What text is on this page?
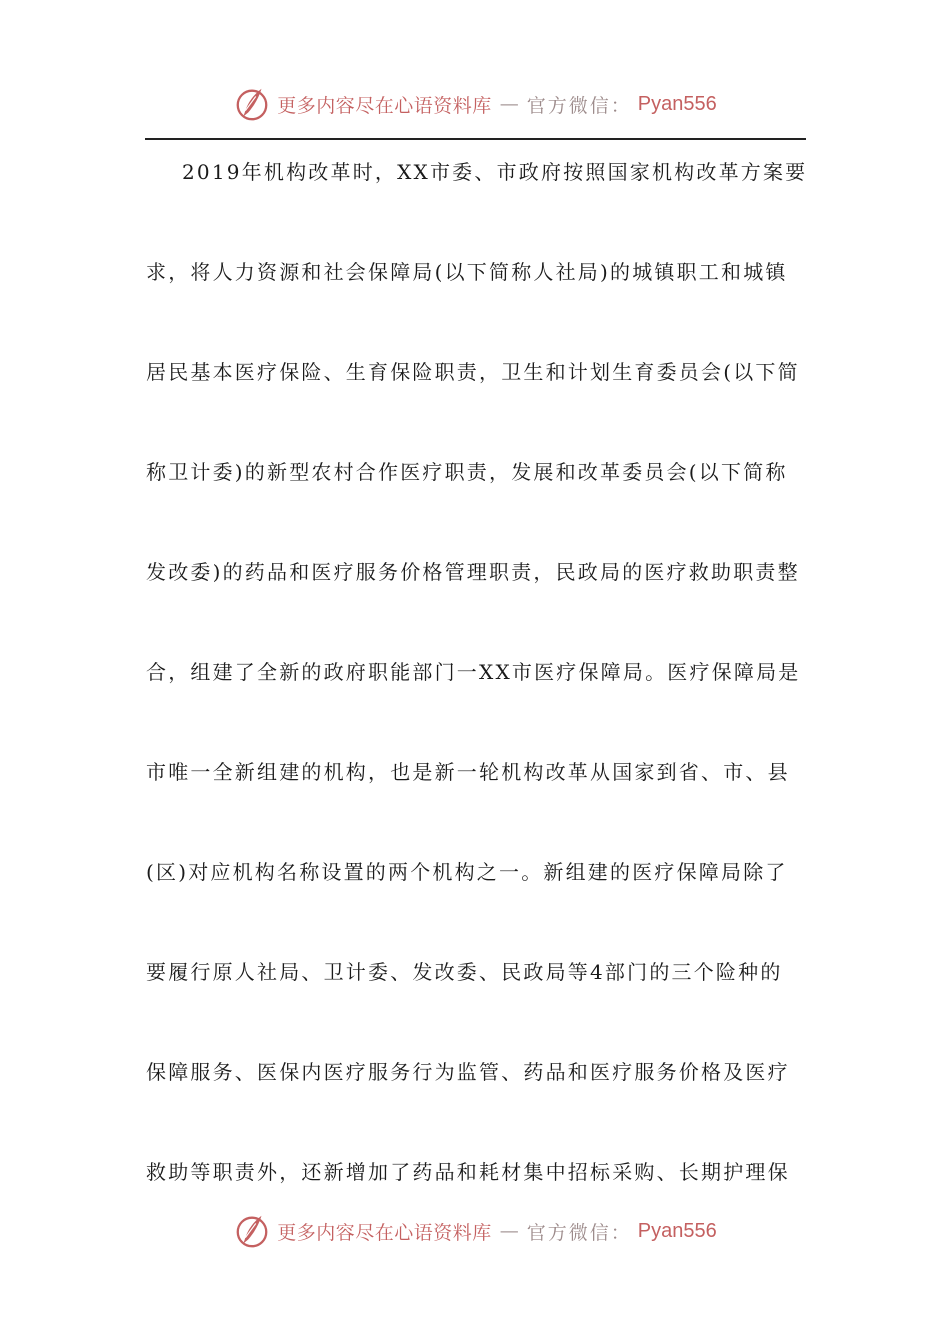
更多内容尽在心语资料库 — 官方微信： Pyan556
2019年机构改革时，XX市委、市政府按照国家机构改革方案要
求，将人力资源和社会保障局(以下简称人社局)的城镇职工和城镇
居民基本医疗保险、生育保险职责，卫生和计划生育委员会(以下简
称卫计委)的新型农村合作医疗职责，发展和改革委员会(以下简称
发改委)的药品和医疗服务价格管理职责，民政局的医疗救助职责整
合，组建了全新的政府职能部门一XX市医疗保障局。医疗保障局是
市唯一全新组建的机构，也是新一轮机构改革从国家到省、市、县
(区)对应机构名称设置的两个机构之一。新组建的医疗保障局除了
要履行原人社局、卫计委、发改委、民政局等4部门的三个险种的
保障服务、医保内医疗服务行为监管、药品和医疗服务价格及医疗
救助等职责外，还新增加了药品和耗材集中招标采购、长期护理保
更多内容尽在心语资料库 — 官方微信： Pyan556
